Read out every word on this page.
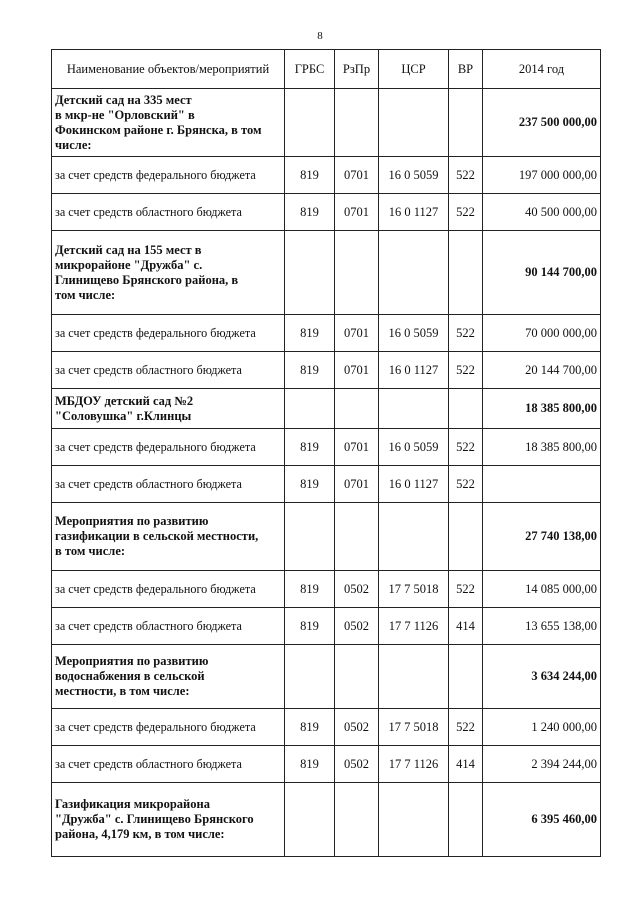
8
Наименование объектов/мероприятий	ГРБС	РзПр	ЦСР	ВР	2014 год
Детский сад на 335 мест
в мкр-не "Орловский" в
Фокинском районе г. Брянска, в том
числе:					237 500 000,00
за счет средств федерального бюджета	819	0701	16 0 5059	522	197 000 000,00
за счет средств областного бюджета	819	0701	16 0 1127	522	40 500 000,00
Детский сад на 155 мест в
микрорайоне "Дружба" с.
Глинищево Брянского района, в
том числе:					90 144 700,00
за счет средств федерального бюджета	819	0701	16 0 5059	522	70 000 000,00
за счет средств областного бюджета	819	0701	16 0 1127	522	20 144 700,00
МБДОУ детский сад №2
"Соловушка" г.Клинцы					18 385 800,00
за счет средств федерального бюджета	819	0701	16 0 5059	522	18 385 800,00
за счет средств областного бюджета	819	0701	16 0 1127	522	
Мероприятия по развитию
газификации в сельской местности,
в том числе:					27 740 138,00
за счет средств федерального бюджета	819	0502	17 7 5018	522	14 085 000,00
за счет средств областного бюджета	819	0502	17 7 1126	414	13 655 138,00
Мероприятия по развитию
водоснабжения в сельской
местности, в том числе:					3 634 244,00
за счет средств федерального бюджета	819	0502	17 7 5018	522	1 240 000,00
за счет средств областного бюджета	819	0502	17 7 1126	414	2 394 244,00
Газификация микрорайона
"Дружба" с. Глинищево Брянского
района, 4,179 км, в том числе:					6 395 460,00
